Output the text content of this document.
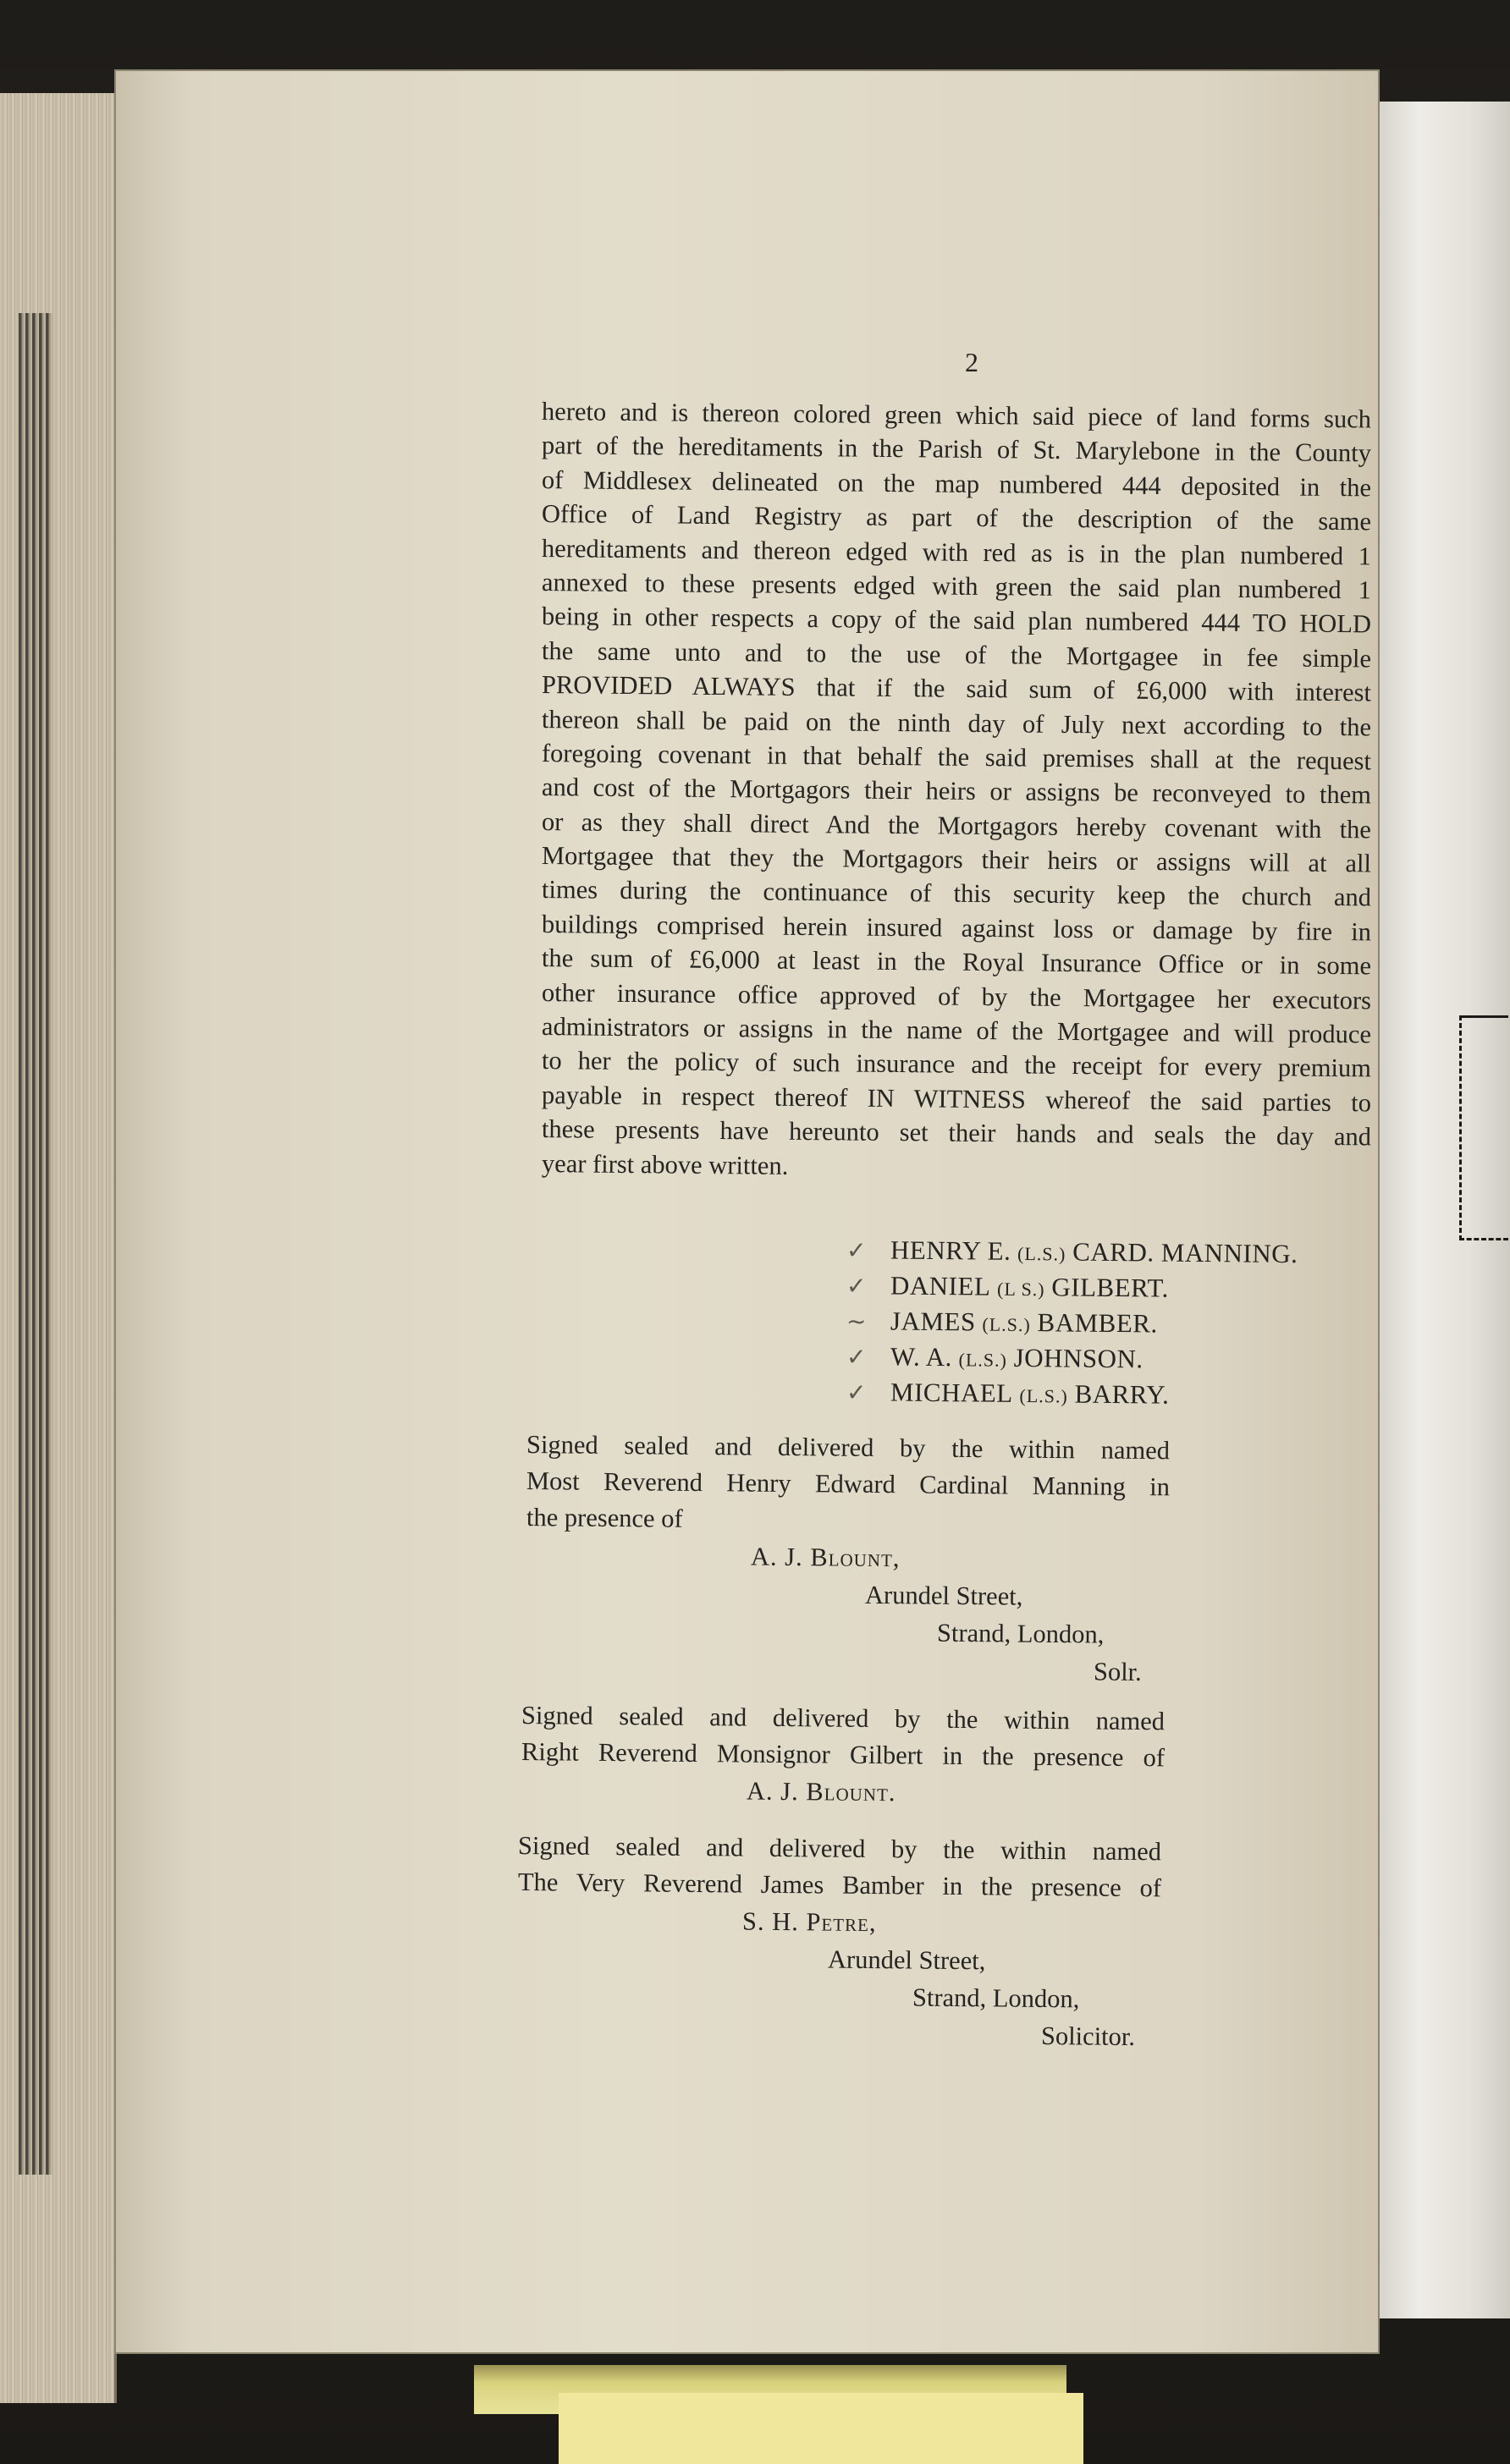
2
hereto and is thereon colored green which said piece of land forms such
part of the hereditaments in the Parish of St. Marylebone in the County
of Middlesex delineated on the map numbered 444 deposited in the
Office of Land Registry as part of the description of the same
hereditaments and thereon edged with red as is in the plan numbered 1
annexed to these presents edged with green the said plan numbered 1
being in other respects a copy of the said plan numbered 444 TO HOLD
the same unto and to the use of the Mortgagee in fee simple
PROVIDED ALWAYS that if the said sum of £6,000 with interest
thereon shall be paid on the ninth day of July next according to the
foregoing covenant in that behalf the said premises shall at the request
and cost of the Mortgagors their heirs or assigns be reconveyed to them
or as they shall direct And the Mortgagors hereby covenant with the
Mortgagee that they the Mortgagors their heirs or assigns will at all
times during the continuance of this security keep the church and
buildings comprised herein insured against loss or damage by fire in
the sum of £6,000 at least in the Royal Insurance Office or in some
other insurance office approved of by the Mortgagee her executors
administrators or assigns in the name of the Mortgagee and will produce
to her the policy of such insurance and the receipt for every premium
payable in respect thereof IN WITNESS whereof the said parties to
these presents have hereunto set their hands and seals the day and
year first above written.
✓ HENRY E. (L.S.) CARD. MANNING.
✓ DANIEL (L S.) GILBERT.
~ JAMES (L.S.) BAMBER.
✓ W. A. (L.S.) JOHNSON.
✓ MICHAEL (L.S.) BARRY.
Signed sealed and delivered by the within named
Most Reverend Henry Edward Cardinal Manning in
the presence of
A. J. Blount,
Arundel Street,
Strand, London,
Solr.
Signed sealed and delivered by the within named
Right Reverend Monsignor Gilbert in the presence of
A. J. Blount.
Signed sealed and delivered by the within named
The Very Reverend James Bamber in the presence of
S. H. Petre,
Arundel Street,
Strand, London,
Solicitor.
